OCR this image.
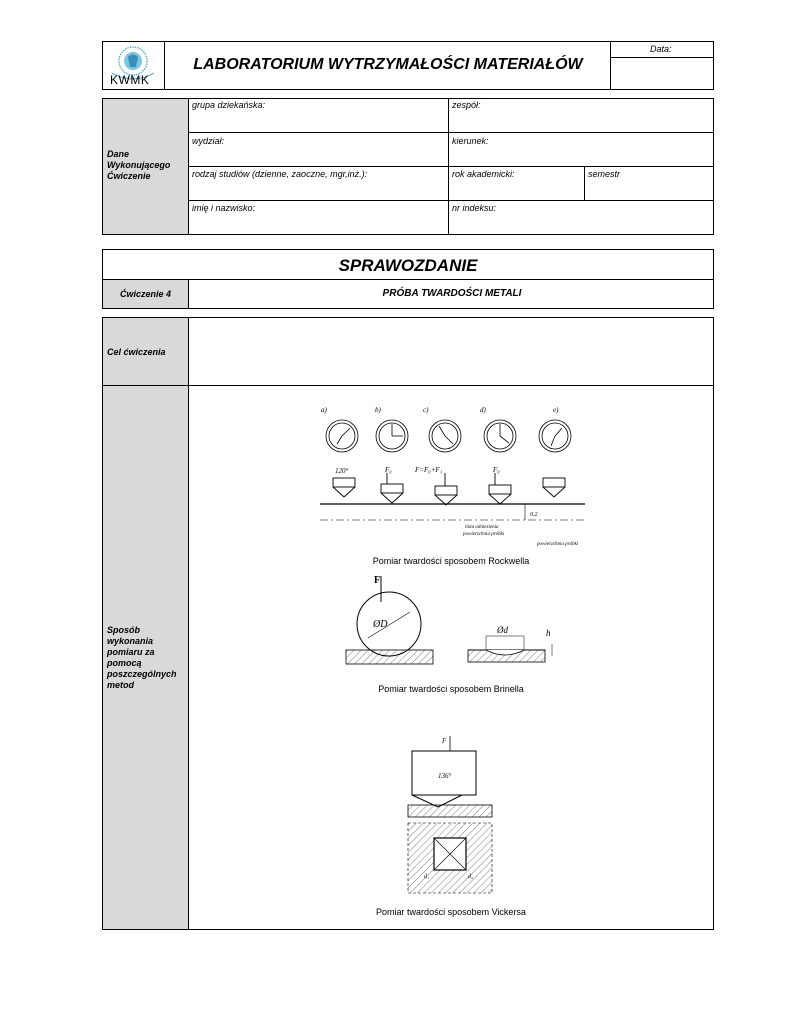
KWMK
LABORATORIUM WYTRZYMAŁOŚCI MATERIAŁÓW
Data:
Dane Wykonującego Ćwiczenie
grupa dziekańska:	zespół:
wydział:	kierunek:
rodzaj studiów (dzienne, zaoczne, mgr,inż.):	rok akademicki:	semestr
imię i nazwisko:	nr indeksu:
SPRAWOZDANIE
Ćwiczenie 4	PRÓBA TWARDOŚCI METALI
Cel ćwiczenia
Sposób wykonania pomiaru za pomocą poszczególnych metod
a)	b)	c)	d)	e)
120°	F₀	F=F₀+F₁	F₀
0.2
linia odniesienia
powierzchnia próbki
powierzchnia próbki
Pomiar twardości sposobem Rockwella
F
ØD	Ød	h
Pomiar twardości sposobem Brinella
F
136°
d₁	d₂
Pomiar twardości sposobem Vickersa
